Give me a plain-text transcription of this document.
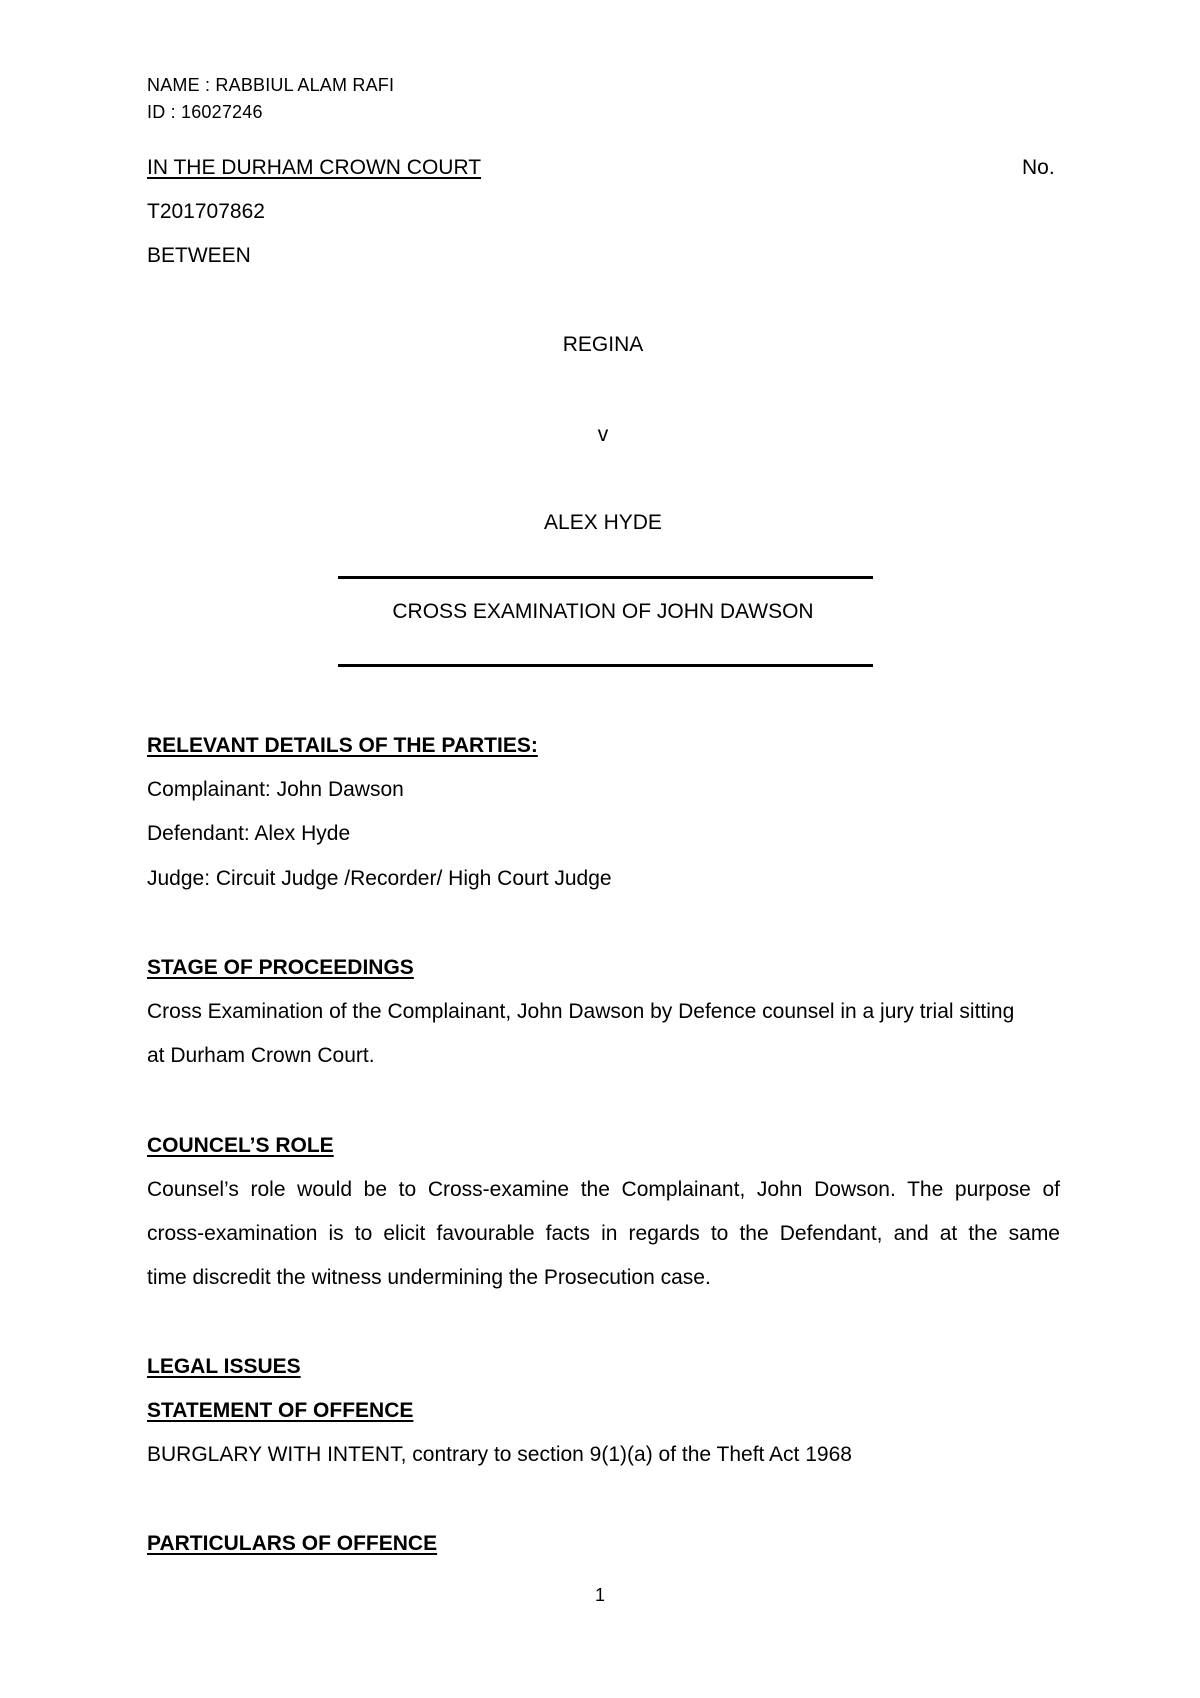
NAME : RABBIUL ALAM RAFI
ID : 16027246
IN THE DURHAM CROWN COURT	No.
T201707862
BETWEEN
REGINA
v
ALEX HYDE
CROSS EXAMINATION OF JOHN DAWSON
RELEVANT DETAILS OF THE PARTIES:
Complainant: John Dawson
Defendant: Alex Hyde
Judge: Circuit Judge /Recorder/ High Court Judge
STAGE OF PROCEEDINGS
Cross Examination of the Complainant, John Dawson by Defence counsel in a jury trial sitting
at Durham Crown Court.
COUNCEL’S ROLE
Counsel’s role would be to Cross-examine the Complainant, John Dowson. The purpose of
cross-examination is to elicit favourable facts in regards to the Defendant, and at the same
time discredit the witness undermining the Prosecution case.
LEGAL ISSUES
STATEMENT OF OFFENCE
BURGLARY WITH INTENT, contrary to section 9(1)(a) of the Theft Act 1968
PARTICULARS OF OFFENCE
1
